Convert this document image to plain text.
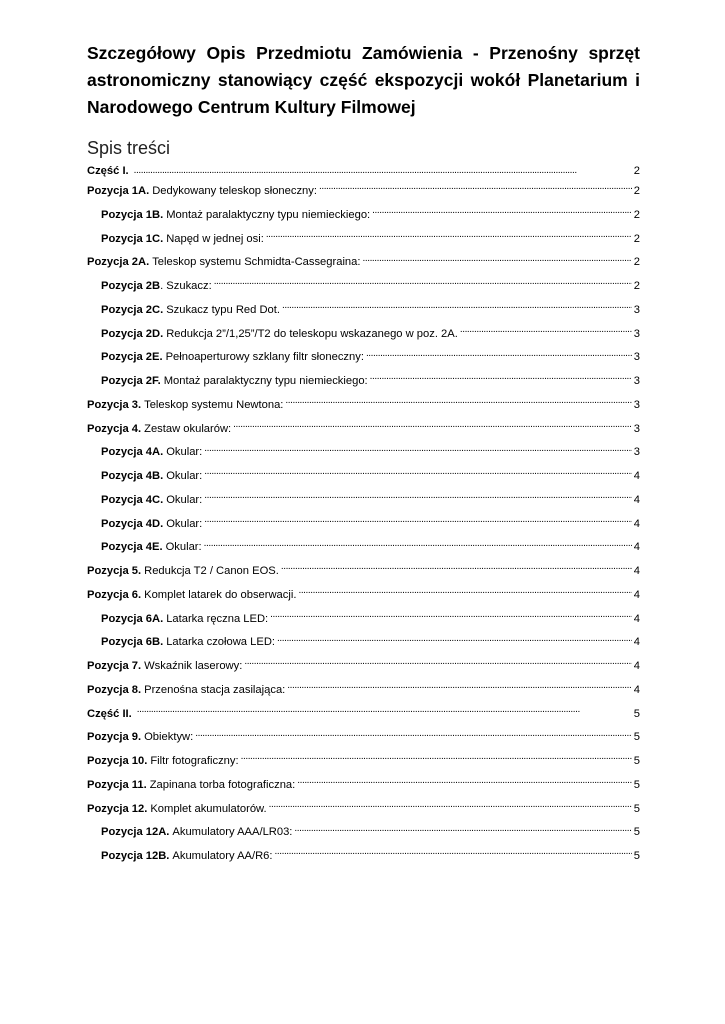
Szczegółowy Opis Przedmiotu Zamówienia - Przenośny sprzęt astronomiczny stanowiący część ekspozycji wokół Planetarium i Narodowego Centrum Kultury Filmowej
Spis treści
Część I. . . .	2
Pozycja 1A. Dedykowany teleskop słoneczny: . . .	2
Pozycja 1B. Montaż paralaktyczny typu niemieckiego: . . .	2
Pozycja 1C. Napęd w jednej osi: . . .	2
Pozycja 2A. Teleskop systemu Schmidta-Cassegraina: . . .	2
Pozycja 2B . Szukacz: . . .	2
Pozycja 2C. Szukacz typu Red Dot. . . .	3
Pozycja 2D. Redukcja 2”/1,25”/T2 do teleskopu wskazanego w poz. 2A. . . .	3
Pozycja 2E. Pełnoaperturowy szklany filtr słoneczny: . . .	3
Pozycja 2F. Montaż paralaktyczny typu niemieckiego: . . .	3
Pozycja 3. Teleskop systemu Newtona: . . .	3
Pozycja 4. Zestaw okularów: . . .	3
Pozycja 4A. Okular: . . .	3
Pozycja 4B. Okular: . . .	4
Pozycja 4C. Okular: . . .	4
Pozycja 4D. Okular: . . .	4
Pozycja 4E. Okular: . . .	4
Pozycja 5. Redukcja T2 / Canon EOS. . . .	4
Pozycja 6. Komplet latarek do obserwacji. . . .	4
Pozycja 6A. Latarka ręczna LED: . . .	4
Pozycja 6B. Latarka czołowa LED: . . .	4
Pozycja 7. Wskaźnik laserowy: . . .	4
Pozycja 8. Przenośna stacja zasilająca: . . .	4
Część II. . . .	5
Pozycja 9. Obiektyw: . . .	5
Pozycja 10. Filtr fotograficzny: . . .	5
Pozycja 11. Zapinana torba fotograficzna: . . .	5
Pozycja 12. Komplet akumulatorów. . . .	5
Pozycja 12A. Akumulatory AAA/LR03: . . .	5
Pozycja 12B. Akumulatory AA/R6: . . .	5
